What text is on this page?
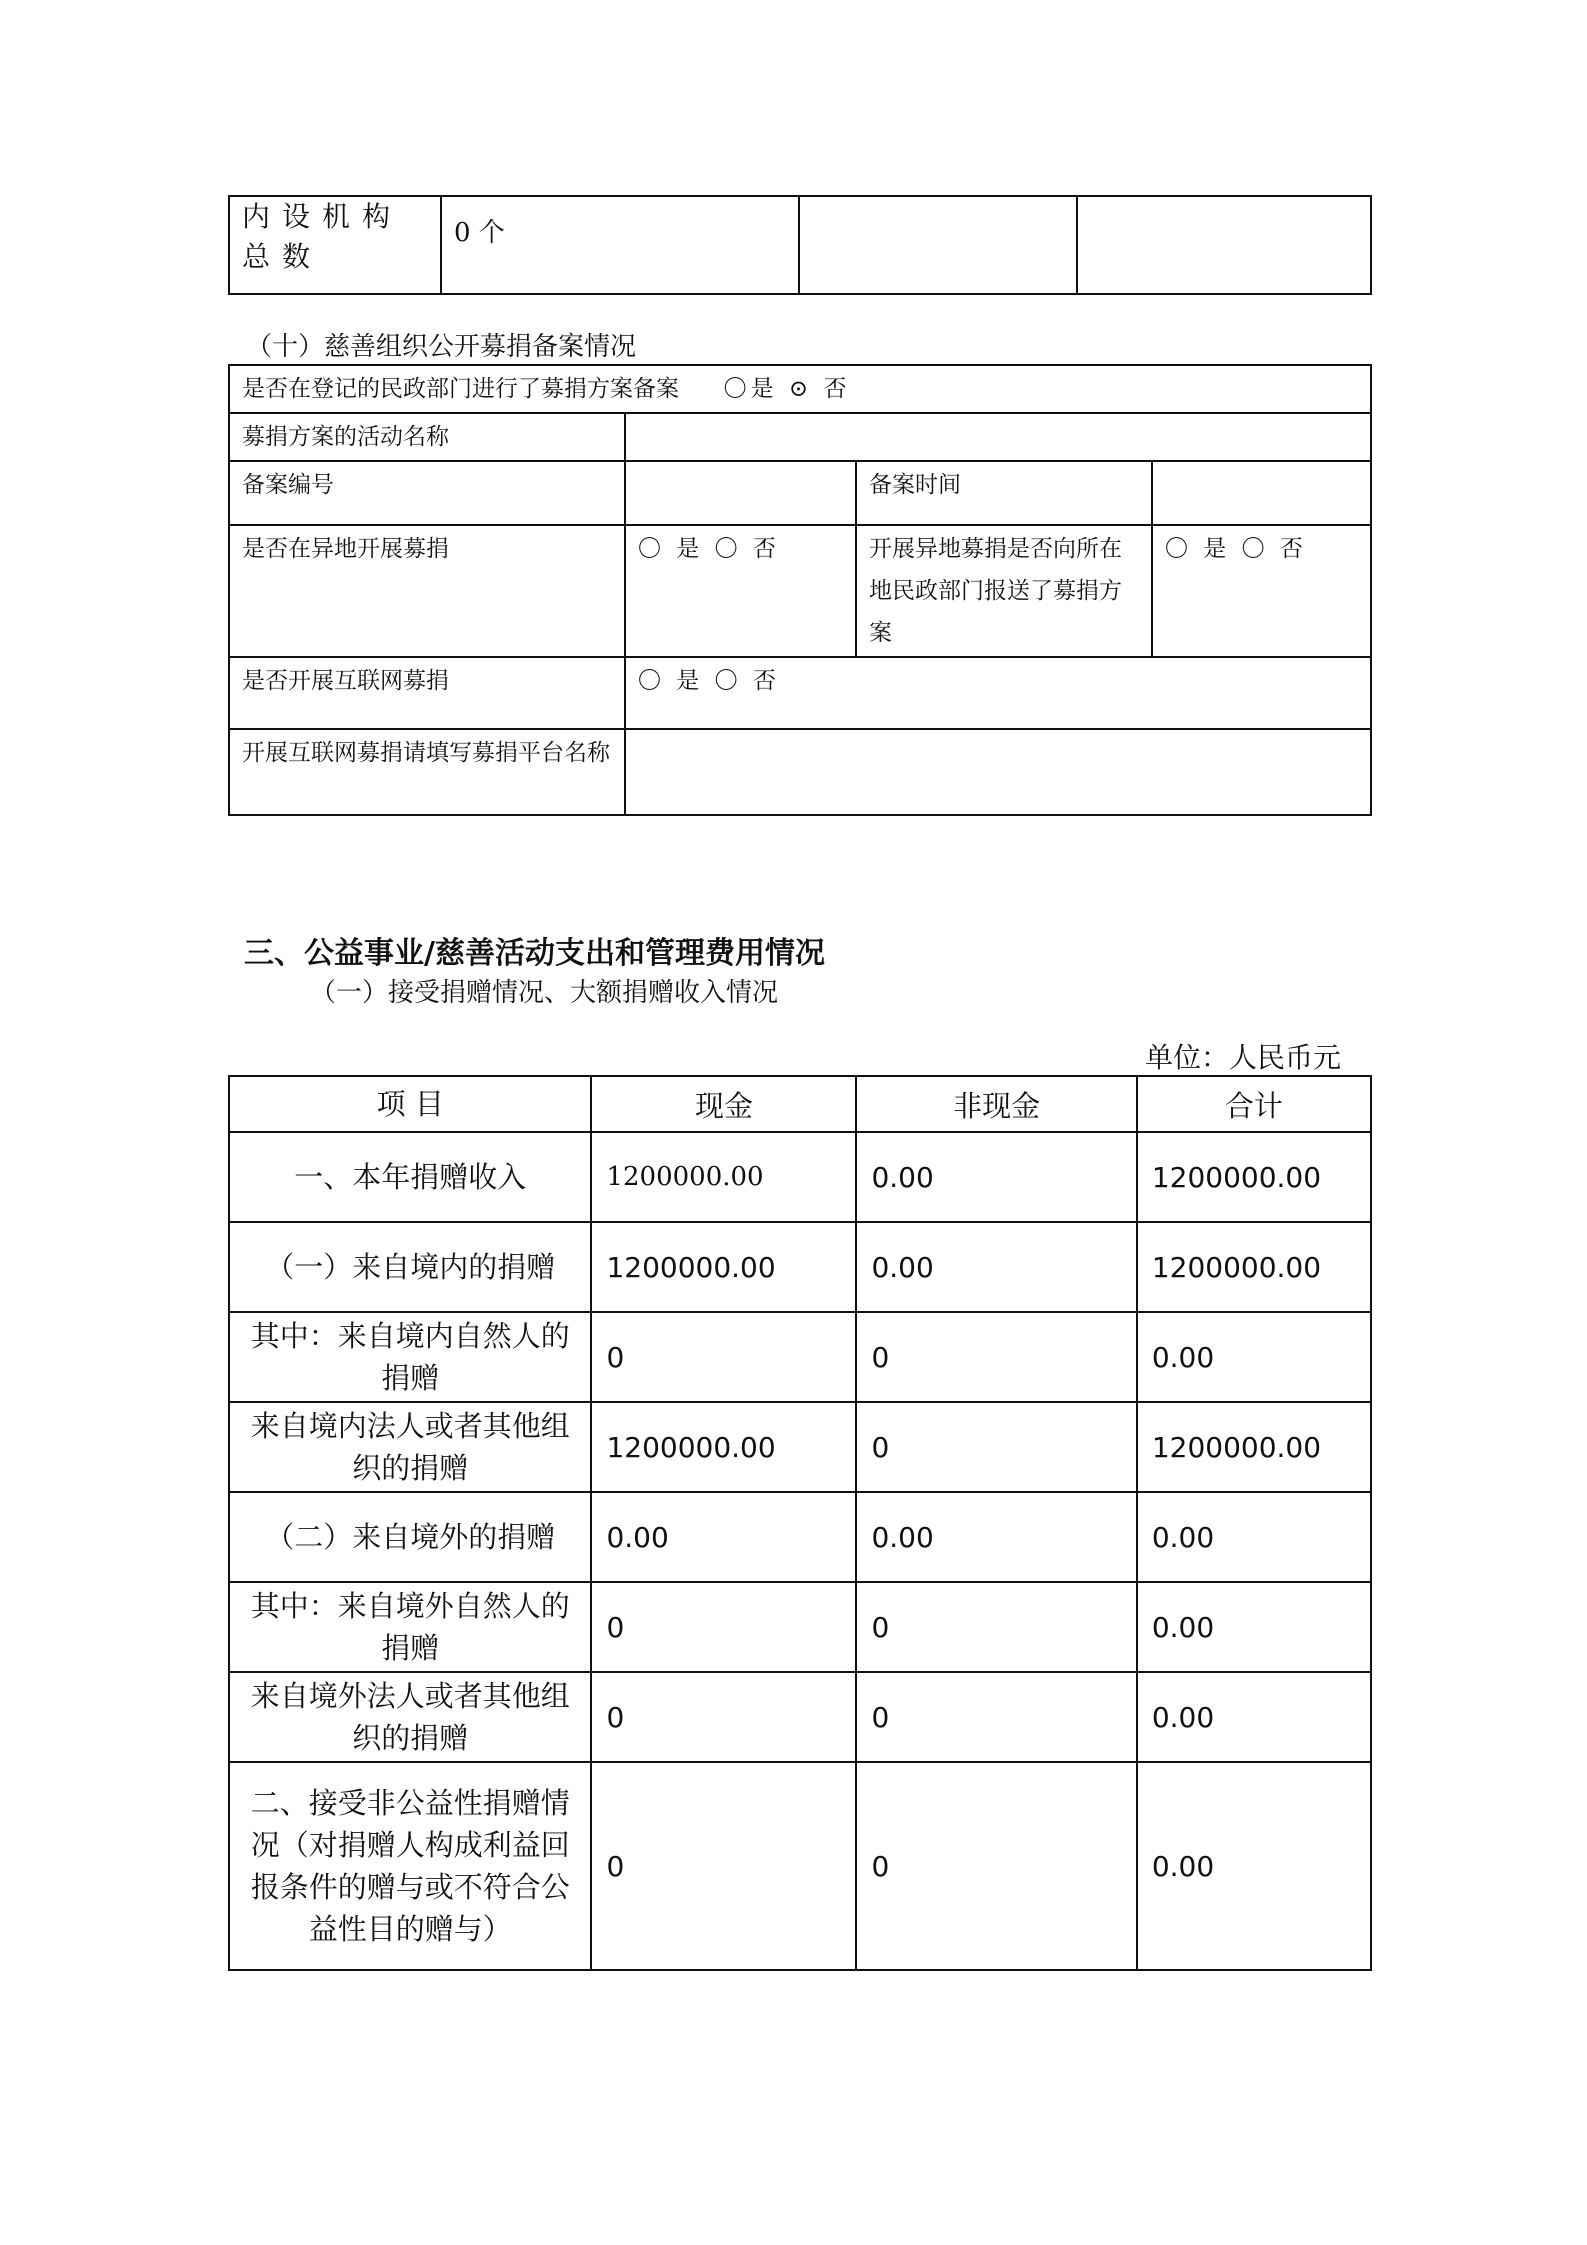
内设机构总数	0 个		
（十）慈善组织公开募捐备案情况
是否在登记的民政部门进行了募捐方案备案 〇是 ⊙ 否			
募捐方案的活动名称			
备案编号		备案时间	
是否在异地开展募捐	〇 是 〇 否	开展异地募捐是否向所在地民政部门报送了募捐方案	〇 是 〇 否
是否开展互联网募捐	〇 是 〇 否		
开展互联网募捐请填写募捐平台名称			
三、公益事业/慈善活动支出和管理费用情况
（一）接受捐赠情况、大额捐赠收入情况
单位：人民币元
项 目	现金	非现金	合计
一、本年捐赠收入	1200000.00	0.00	1200000.00
（一）来自境内的捐赠	1200000.00	0.00	1200000.00
其中：来自境内自然人的捐赠	0	0	0.00
来自境内法人或者其他组织的捐赠	1200000.00	0	1200000.00
（二）来自境外的捐赠	0.00	0.00	0.00
其中：来自境外自然人的捐赠	0	0	0.00
来自境外法人或者其他组织的捐赠	0	0	0.00
二、接受非公益性捐赠情况（对捐赠人构成利益回报条件的赠与或不符合公益性目的赠与）	0	0	0.00
